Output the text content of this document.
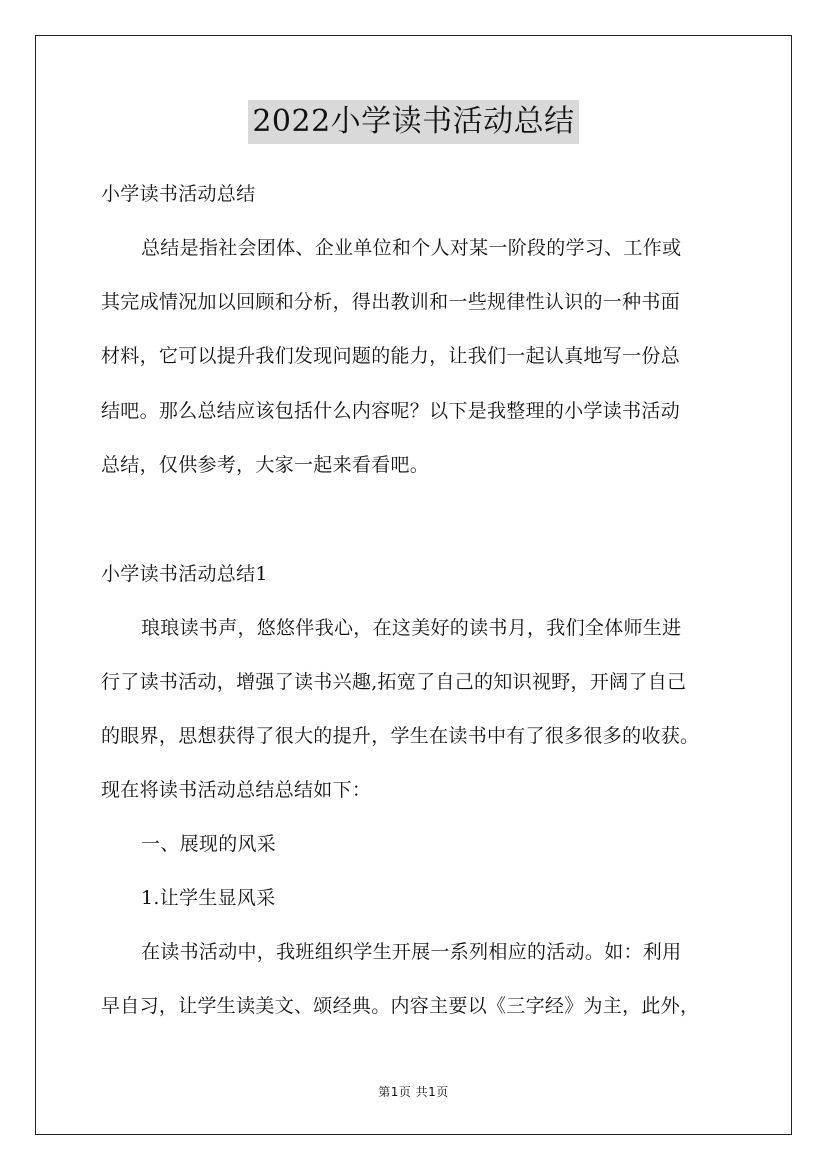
2022小学读书活动总结
小学读书活动总结
总结是指社会团体、企业单位和个人对某一阶段的学习、工作或
其完成情况加以回顾和分析，得出教训和一些规律性认识的一种书面
材料，它可以提升我们发现问题的能力，让我们一起认真地写一份总
结吧。那么总结应该包括什么内容呢？以下是我整理的小学读书活动
总结，仅供参考，大家一起来看看吧。
小学读书活动总结1
琅琅读书声，悠悠伴我心，在这美好的读书月，我们全体师生进
行了读书活动，增强了读书兴趣,拓宽了自己的知识视野，开阔了自己
的眼界，思想获得了很大的提升，学生在读书中有了很多很多的收获。
现在将读书活动总结总结如下：
一、展现的风采
1.让学生显风采
在读书活动中，我班组织学生开展一系列相应的活动。如：利用
早自习，让学生读美文、颂经典。内容主要以《三字经》为主，此外，
第1页 共1页
